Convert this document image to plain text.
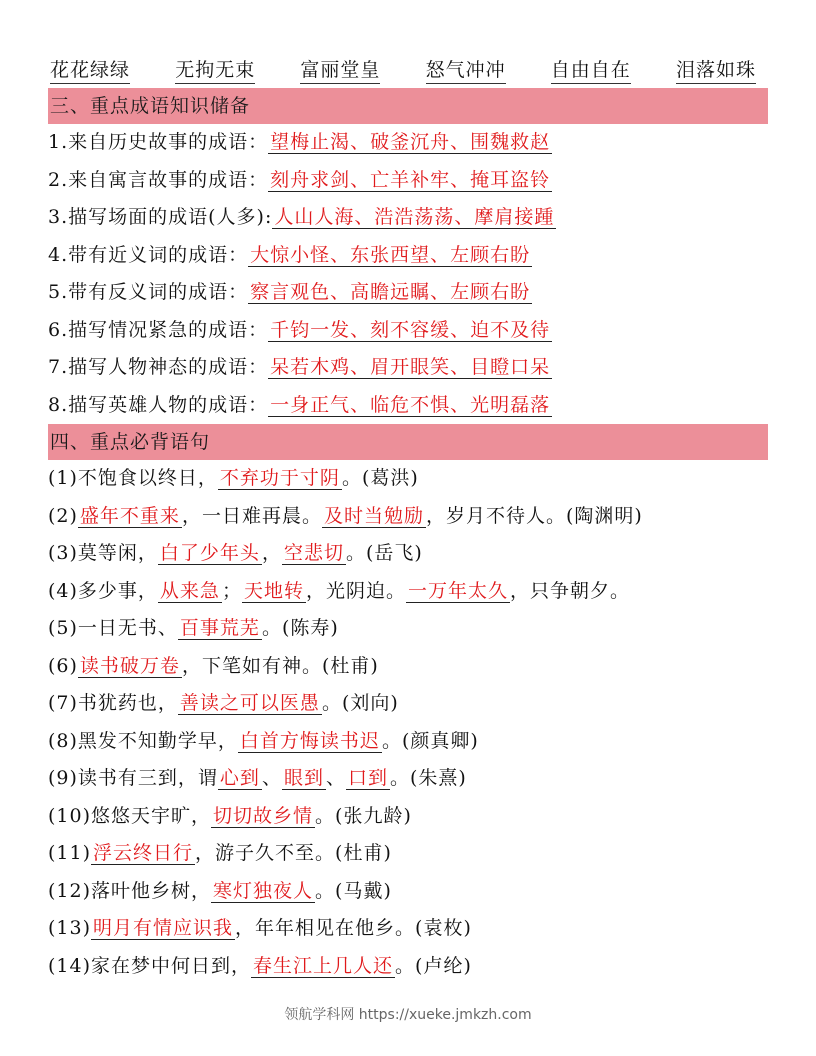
花花绿绿 无拘无束 富丽堂皇 怒气冲冲 自由自在 泪落如珠
三、重点成语知识储备
1.来自历史故事的成语： 望梅止渴、破釜沉舟、围魏救赵
2.来自寓言故事的成语： 刻舟求剑、亡羊补牢、掩耳盗铃
3.描写场面的成语(人多): 人山人海、浩浩荡荡、摩肩接踵
4.带有近义词的成语： 大惊小怪、东张西望、左顾右盼
5.带有反义词的成语： 察言观色、高瞻远瞩、左顾右盼
6.描写情况紧急的成语： 千钧一发、刻不容缓、迫不及待
7.描写人物神态的成语： 呆若木鸡、眉开眼笑、目瞪口呆
8.描写英雄人物的成语： 一身正气、临危不惧、光明磊落
四、重点必背语句
(1)不饱食以终日， 不弃功于寸阴 。(葛洪)
(2) 盛年不重来 ，一日难再晨。 及时当勉励 ，岁月不待人。(陶渊明)
(3)莫等闲， 白了少年头 ， 空悲切 。(岳飞)
(4)多少事， 从来急 ； 天地转 ，光阴迫。 一万年太久 ，只争朝夕。
(5)一日无书、 百事荒芜 。(陈寿)
(6) 读书破万卷 ，下笔如有神。(杜甫)
(7)书犹药也， 善读之可以医愚 。(刘向)
(8)黑发不知勤学早， 白首方悔读书迟 。(颜真卿)
(9)读书有三到，谓 心到 、 眼到 、 口到 。(朱熹)
(10)悠悠天宇旷， 切切故乡情 。(张九龄)
(11) 浮云终日行 ，游子久不至。(杜甫)
(12)落叶他乡树， 寒灯独夜人 。(马戴)
(13) 明月有情应识我 ，年年相见在他乡。(袁枚)
(14)家在梦中何日到， 春生江上几人还 。(卢纶)
领航学科网 https://xueke.jmkzh.com
